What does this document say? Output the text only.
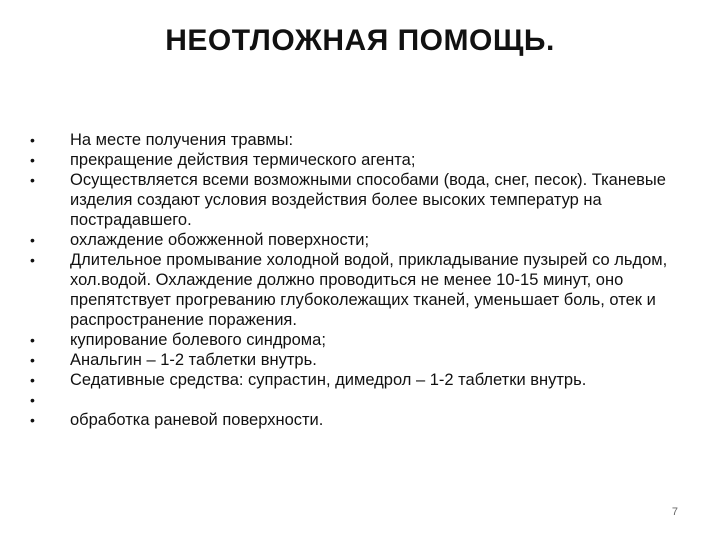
НЕОТЛОЖНАЯ ПОМОЩЬ.
• На месте получения травмы:
• прекращение действия термического агента;
• Осуществляется всеми возможными способами (вода, снег, песок). Тканевые изделия создают условия воздействия более высоких температур на пострадавшего.
• охлаждение обожженной поверхности;
• Длительное промывание холодной водой, прикладывание пузырей со льдом, хол.водой. Охлаждение должно проводиться не менее 10-15 минут, оно препятствует прогреванию глубоколежащих тканей, уменьшает боль, отек и распространение поражения.
• купирование болевого синдрома;
• Анальгин – 1-2 таблетки внутрь.
• Седативные средства: супрастин, димедрол – 1-2 таблетки внутрь.
•
• обработка раневой поверхности.
7
